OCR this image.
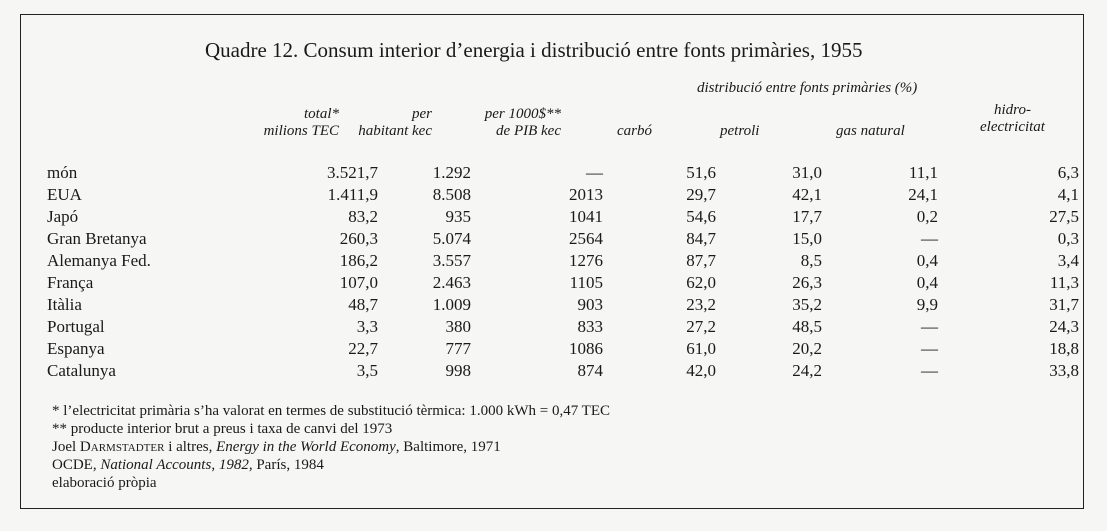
Quadre 12. Consum interior d’energia i distribució entre fonts primàries, 1955
distribució entre fonts primàries (%)
total*
milions TEC
per
habitant kec
per 1000$**
de PIB kec	carbó	petroli	gas natural
hidro-
electricitat
món	3.521,7	1.292	—	51,6	31,0	11,1	6,3
EUA	1.411,9	8.508	2013	29,7	42,1	24,1	4,1
Japó	83,2	935	1041	54,6	17,7	0,2	27,5
Gran Bretanya	260,3	5.074	2564	84,7	15,0	—	0,3
Alemanya Fed.	186,2	3.557	1276	87,7	8,5	0,4	3,4
França	107,0	2.463	1105	62,0	26,3	0,4	11,3
Itàlia	48,7	1.009	903	23,2	35,2	9,9	31,7
Portugal	3,3	380	833	27,2	48,5	—	24,3
Espanya	22,7	777	1086	61,0	20,2	—	18,8
Catalunya	3,5	998	874	42,0	24,2	—	33,8
* l’electricitat primària s’ha valorat en termes de substitució tèrmica: 1.000 kWh = 0,47 TEC
** producte interior brut a preus i taxa de canvi del 1973
Joel Darmstadter i altres, Energy in the World Economy, Baltimore, 1971
OCDE, National Accounts, 1982, París, 1984
elaboració pròpia
